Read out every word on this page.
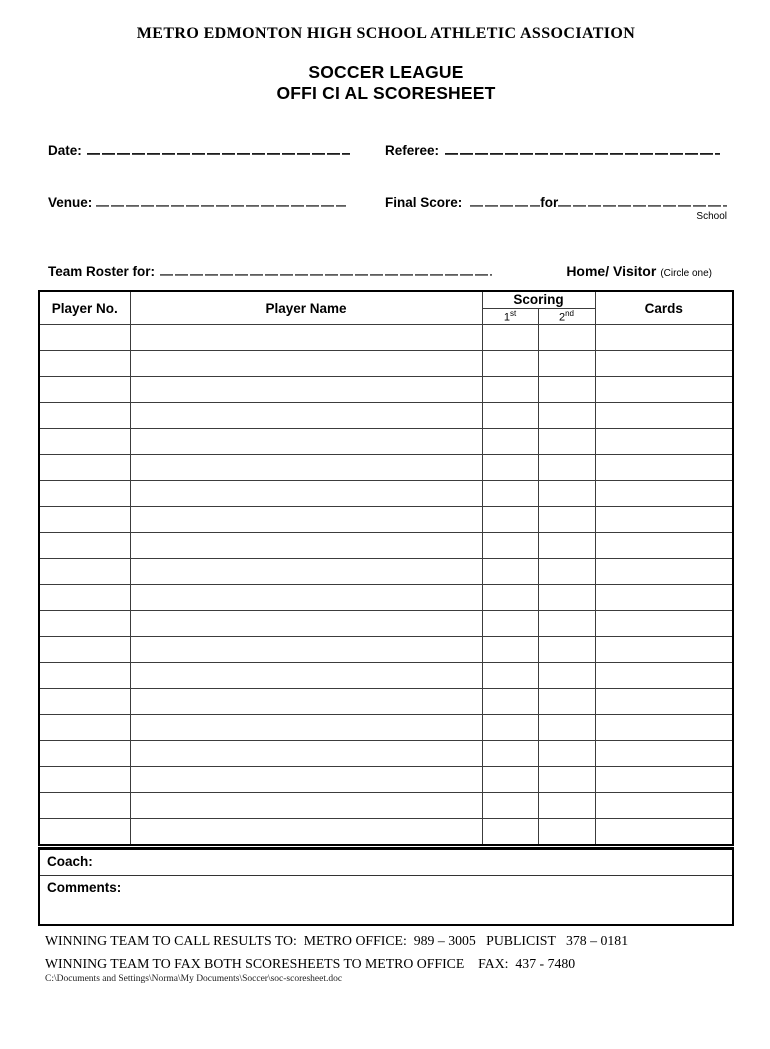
METRO EDMONTON HIGH SCHOOL ATHLETIC ASSOCIATION
SOCCER LEAGUE
OFFI CI AL SCORESHEET
Date:	Referee:
Venue:	Final Score:	for
School
Team Roster for:	Home/ Visitor (Circle one)
Player No.	Player Name	Scoring		Cards
		1st	2nd

Coach:
Comments:
WINNING TEAM TO CALL RESULTS TO:  METRO OFFICE:  989 – 3005   PUBLICIST   378 – 0181
WINNING TEAM TO FAX BOTH SCORESHEETS TO METRO OFFICE    FAX:  437 - 7480
C:\Documents and Settings\Norma\My Documents\Soccer\soc-scoresheet.doc
